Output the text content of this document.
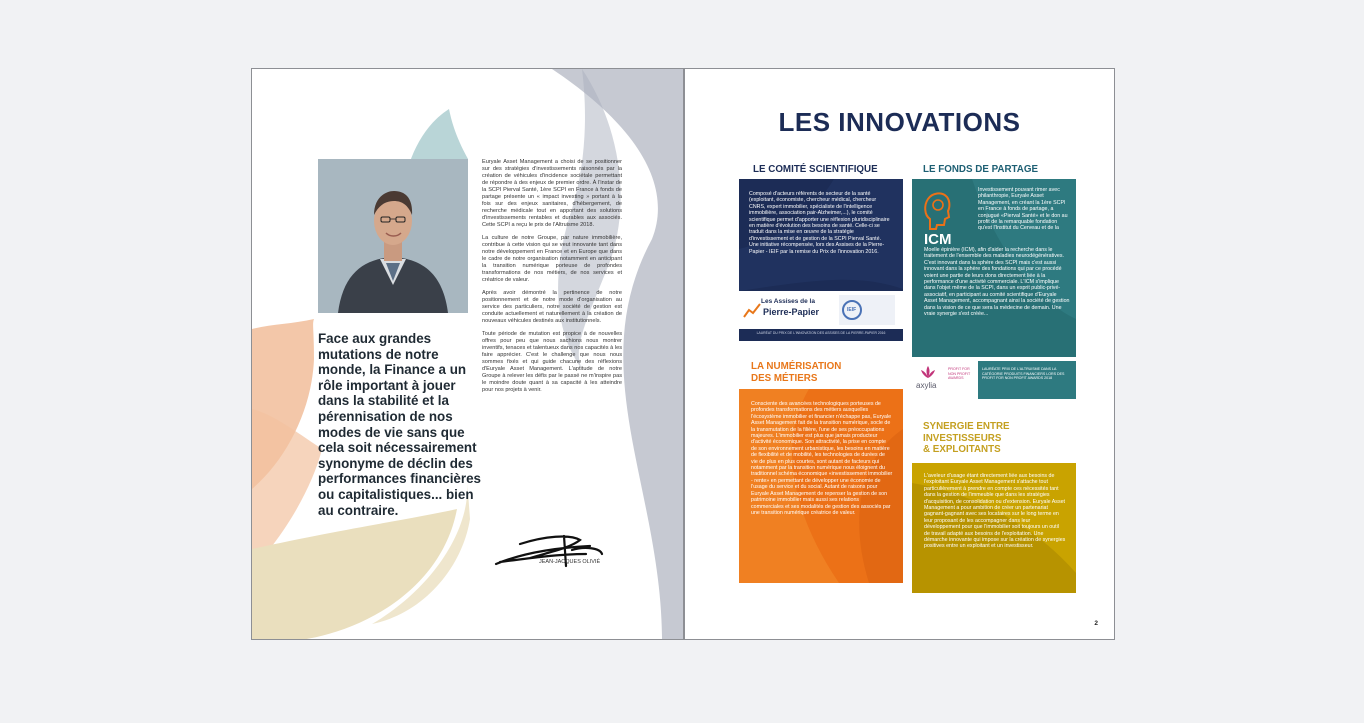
Face aux grandes mutations de notre monde, la Finance a un rôle important à jouer dans la stabilité et la pérennisation de nos modes de vie sans que cela soit nécessairement synonyme de déclin des performances financières ou capitalistiques... bien au contraire.

Euryale Asset Management a choisi de se positionner sur des stratégies d'investissements raisonnés par la création de véhicules d'incidence sociétale permettant de répondre à des enjeux de premier ordre. À l'instar de la SCPI Pierval Santé, 1ère SCPI en France à fonds de partage présente un « impact investing » portant à la fois sur des enjeux sanitaires, d'hébergement, de recherche médicale tout en apportant des solutions d'investissements rentables et durables aux associés. Cette SCPI a reçu le prix de l'Altruisme 2018.

La culture de notre Groupe, par nature immobilière, contribue à cette vision qui se veut innovante tant dans notre développement en France et en Europe que dans le cadre de notre organisation notamment en anticipant la transition numérique porteuse de profondes transformations de nos métiers, de nos services et créatrice de valeur.

Après avoir démontré la pertinence de notre positionnement et de notre mode d'organisation au service des particuliers, notre société de gestion est conduite actuellement et naturellement à la création de nouveaux véhicules destinés aux institutionnels.

Toute période de mutation est propice à de nouvelles offres pour peu que nous sachions nous montrer inventifs, tenaces et talentueux dans nos capacités à les faire apprécier. C'est le challenge que nous nous sommes fixés et qui guide chacune des réflexions d'Euryale Asset Management. L'aptitude de notre Groupe à relever les défis par le passé ne m'inspire pas le moindre doute quant à sa capacité à les atteindre pour nos projets à venir.

JEAN-JACQUES OLIVIÉ
LES INNOVATIONS
LE COMITÉ SCIENTIFIQUE
Composé d'acteurs référents de secteur de la santé (exploitant, économiste, chercheur médical, chercheur CNRS, expert immobilier, spécialiste de l'intelligence immobilière, association pair-Alzheimer,...), le comité scientifique permet d'apporter une réflexion pluridisciplinaire en matière d'évolution des besoins de santé. Celle-ci se traduit dans la mise en œuvre de la stratégie d'investissement et de gestion de la SCPI Pierval Santé. Une initiative récompensée, lors des Assises de la Pierre-Papier - IEIF par la remise du Prix de l'innovation 2016.
Les Assises de la
Pierre-Papier	IEIF
LAURÉAT DU PRIX DE L'INNOVATION DES ASSISES DE LA PIERRE-PAPIER 2016
LE FONDS DE PARTAGE
ICM
Investissement pouvant rimer avec philanthropie, Euryale Asset Management, en créant la 1ère SCPI en France à fonds de partage, a conjugué «Pierval Santé» et le don au profit de la remarquable fondation qu'est l'Institut du Cerveau et de la
Moelle épinière (ICM), afin d'aider la recherche dans le traitement de l'ensemble des maladies neurodégénératives. C'est innovant dans la sphère des SCPI mais c'est aussi innovant dans la sphère des fondations qui par ce procédé voient une partie de leurs dons directement liée à la performance d'une activité commerciale. L'ICM s'implique dans l'objet même de la SCPI, dans un esprit public-privé-associatif, en participant au comité scientifique d'Euryale Asset Management, accompagnant ainsi la société de gestion dans la vision de ce que sera la médecine de demain. Une vraie synergie s'est créée...
axylia
PROFIT FOR NON PROFIT AWARDS
LAURÉATE PRIX DE L'ALTRUISME DANS LA CATÉGORIE PRODUITS FINANCIERS LORS DES PROFIT FOR NON PROFIT AWARDS 2018
LA NUMÉRISATION
DES MÉTIERS
Consciente des avancées technologiques porteuses de profondes transformations des métiers auxquelles l'écosystème immobilier et financier n'échappe pas, Euryale Asset Management fait de la transition numérique, socle de la transmutation de la filière, l'une de ses préoccupations majeures. L'immobilier est plus que jamais producteur d'activité économique. Son attractivité, la prise en compte de son environnement urbanistique, les besoins en matière de flexibilité et de mobilité, les technologies de durées de vie de plus en plus courtes, sont autant de facteurs qui notamment par la transition numérique nous éloignent du traditionnel schéma économique «investissement immobilier - rente» en permettant de développer une économie de l'usage du service et du social. Autant de raisons pour Euryale Asset Management de repenser la gestion de son patrimoine immobilier mais aussi ses relations commerciales et ses modalités de gestion des associés par une transition numérique créatrice de valeur.
SYNERGIE ENTRE
INVESTISSEURS
& EXPLOITANTS
L'aveleur d'usage étant directement liée aux besoins de l'exploitant Euryale Asset Management s'attache tout particulièrement à prendre en compte ces nécessités tant dans la gestion de l'immeuble que dans les stratégies d'acquisition, de consolidation ou d'extension. Euryale Asset Management a pour ambition de créer un partenariat gagnant-gagnant avec ses locataires sur le long terme en leur proposant de les accompagner dans leur développement pour que l'immobilier soit toujours un outil de travail adapté aux besoins de l'exploitation. Une démarche innovante qui impose sur la création de synergies positives entre un exploitant et un investisseur.
2
